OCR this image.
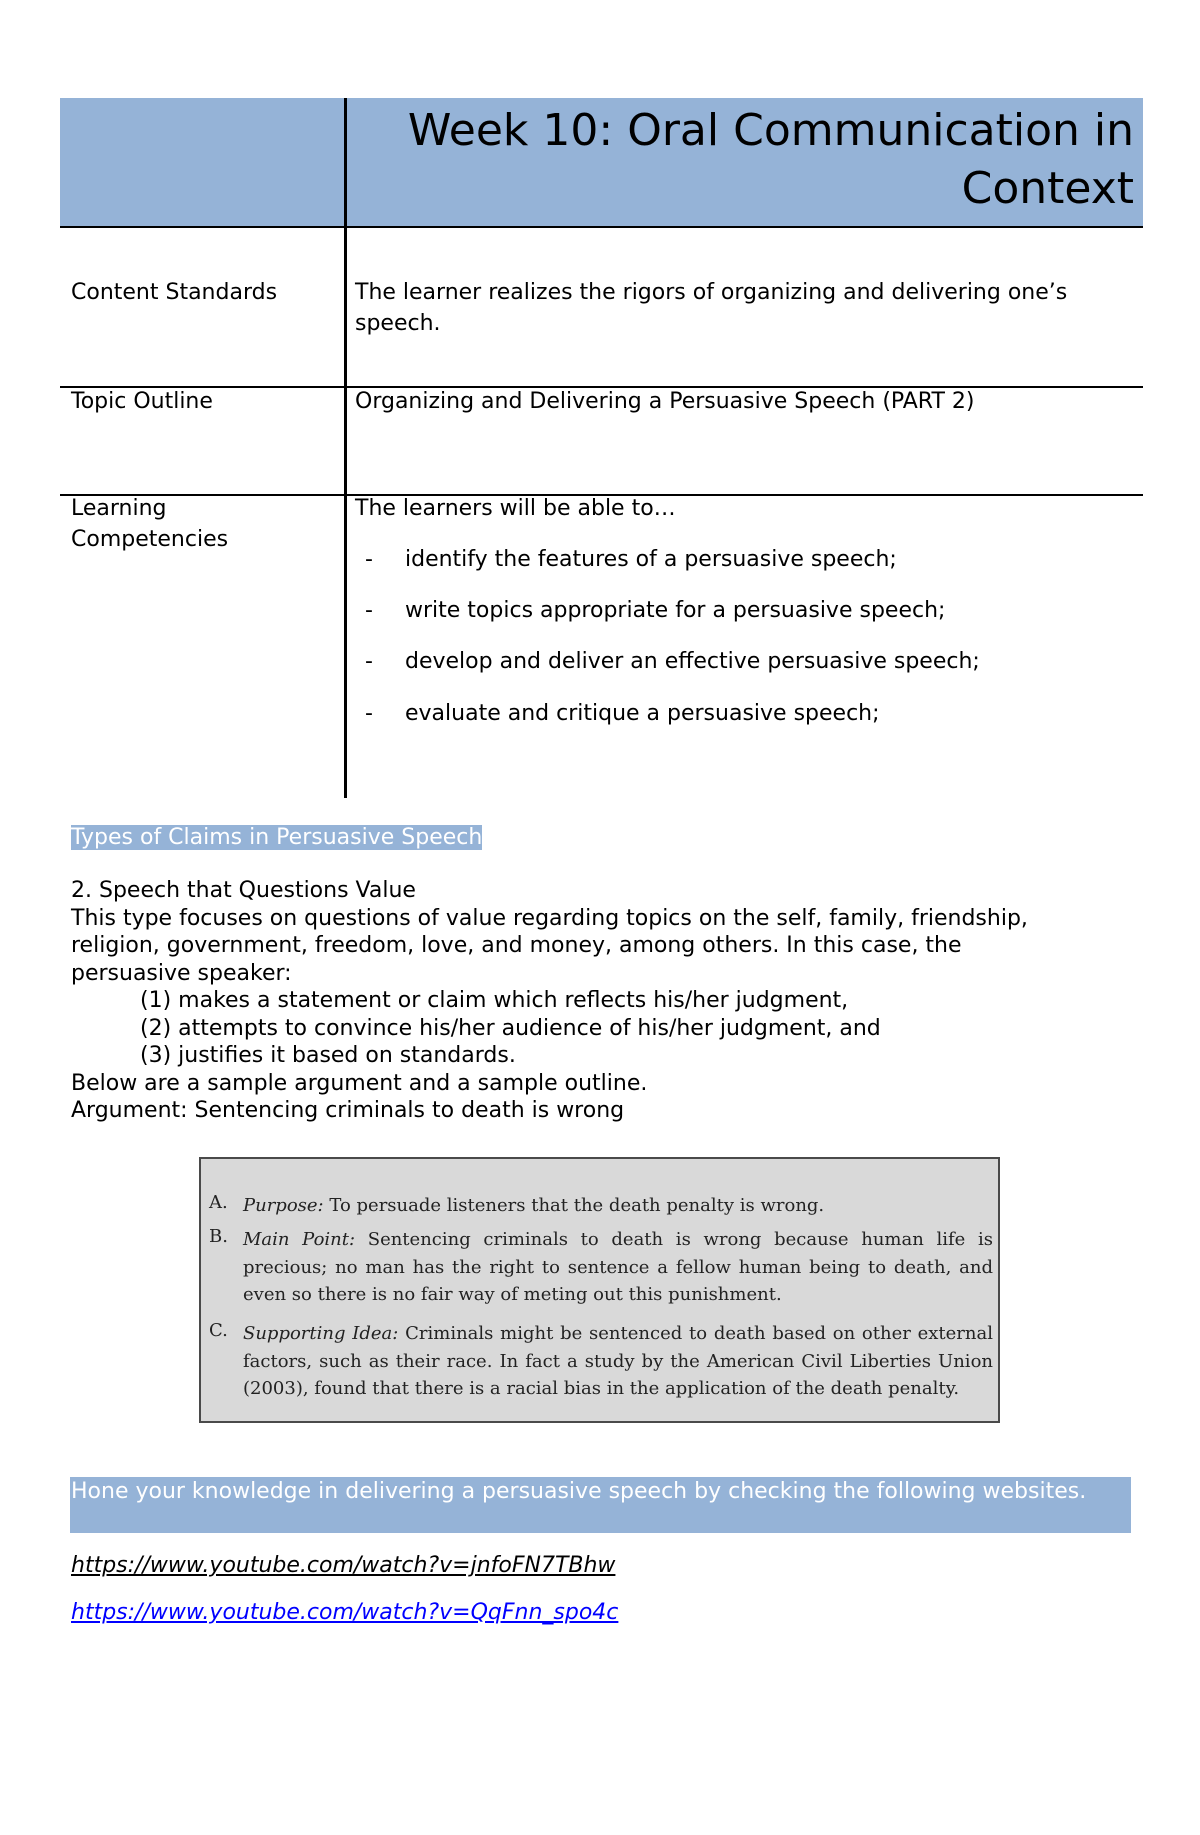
Week 10: Oral Communication in
Context
Content Standards	The learner realizes the rigors of organizing and delivering one’s speech.
Topic Outline	Organizing and Delivering a Persuasive Speech (PART 2)
Learning
Competencies
The learners will be able to…
- identify the features of a persuasive speech;
- write topics appropriate for a persuasive speech;
- develop and deliver an effective persuasive speech;
- evaluate and critique a persuasive speech;
Types of Claims in Persuasive Speech
2. Speech that Questions Value
This type focuses on questions of value regarding topics on the self, family, friendship,
religion, government, freedom, love, and money, among others. In this case, the
persuasive speaker:
(1) makes a statement or claim which reflects his/her judgment,
(2) attempts to convince his/her audience of his/her judgment, and
(3) justifies it based on standards.
Below are a sample argument and a sample outline.
Argument: Sentencing criminals to death is wrong
A. Purpose: To persuade listeners that the death penalty is wrong.
B. Main Point: Sentencing criminals to death is wrong because human life is precious; no man has the right to sentence a fellow human being to death, and even so there is no fair way of meting out this punishment.
C. Supporting Idea: Criminals might be sentenced to death based on other external factors, such as their race. In fact a study by the American Civil Liberties Union (2003), found that there is a racial bias in the application of the death penalty.
Hone your knowledge in delivering a persuasive speech by checking the following websites.
https://www.youtube.com/watch?v=jnfoFN7TBhw
https://www.youtube.com/watch?v=QqFnn_spo4c
